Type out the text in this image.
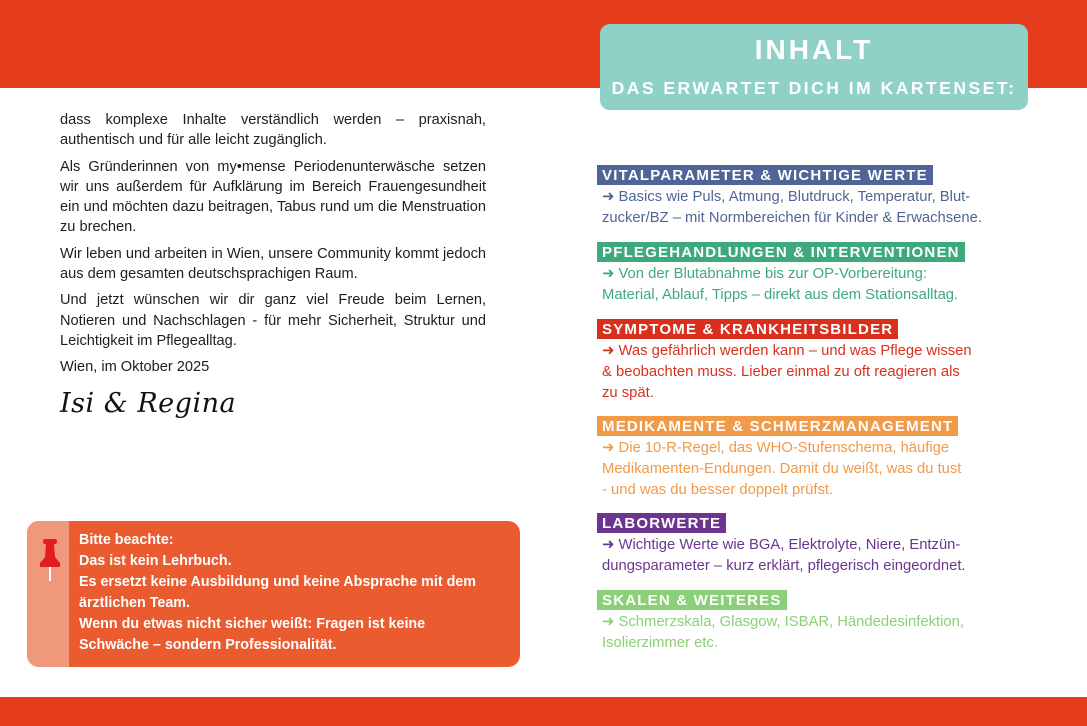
dass komplexe Inhalte verständlich werden – praxisnah, authentisch und für alle leicht zugänglich.

Als Gründerinnen von my•mense Periodenunterwäsche setzen wir uns außerdem für Aufklärung im Bereich Frauengesundheit ein und möchten dazu beitragen, Tabus rund um die Menstruation zu brechen.

Wir leben und arbeiten in Wien, unsere Community kommt jedoch aus dem gesamten deutschsprachigen Raum.

Und jetzt wünschen wir dir ganz viel Freude beim Lernen, Notieren und Nachschlagen - für mehr Sicherheit, Struktur und Leichtigkeit im Pflegealltag.

Wien, im Oktober 2025

Isi & Regina
Bitte beachte:
Das ist kein Lehrbuch.
Es ersetzt keine Ausbildung und keine Absprache mit dem
ärztlichen Team.
Wenn du etwas nicht sicher weißt: Fragen ist keine
Schwäche – sondern Professionalität.
INHALT
DAS ERWARTET DICH IM KARTENSET:
VITALPARAMETER & WICHTIGE WERTE
➜ Basics wie Puls, Atmung, Blutdruck, Temperatur, Blut-
zucker/BZ – mit Normbereichen für Kinder & Erwachsene.
PFLEGEHANDLUNGEN & INTERVENTIONEN
➜ Von der Blutabnahme bis zur OP-Vorbereitung:
Material, Ablauf, Tipps – direkt aus dem Stationsalltag.
SYMPTOME & KRANKHEITSBILDER
➜ Was gefährlich werden kann – und was Pflege wissen
& beobachten muss. Lieber einmal zu oft reagieren als
zu spät.
MEDIKAMENTE & SCHMERZMANAGEMENT
➜ Die 10-R-Regel, das WHO-Stufenschema, häufige
Medikamenten-Endungen. Damit du weißt, was du tust
- und was du besser doppelt prüfst.
LABORWERTE
➜ Wichtige Werte wie BGA, Elektrolyte, Niere, Entzün-
dungsparameter – kurz erklärt, pflegerisch eingeordnet.
SKALEN & WEITERES
➜ Schmerzskala, Glasgow, ISBAR, Händedesinfektion,
Isolierzimmer etc.
